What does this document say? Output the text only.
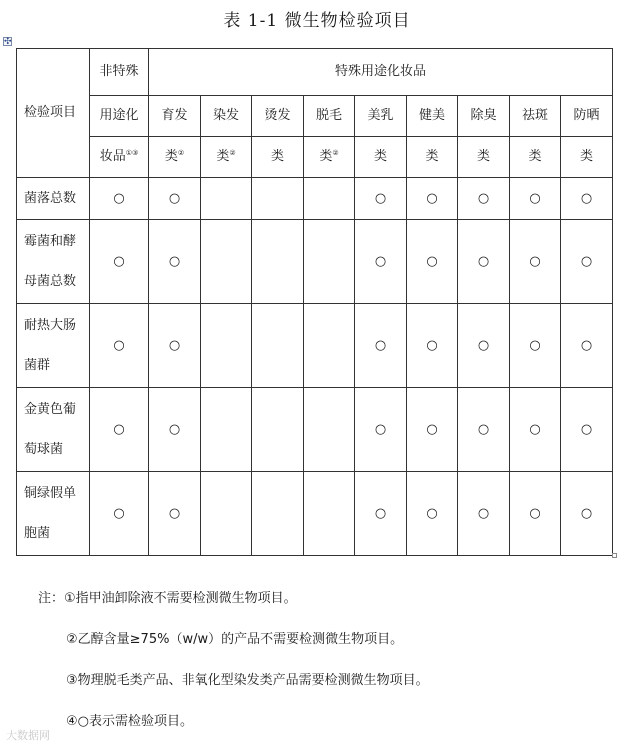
表 1-1 微生物检验项目
✣
检验项目	非特殊	特殊用途化妆品								
	用途化	育发	染发	烫发	脱毛	美乳	健美	除臭	祛斑	防晒
	妆品①③	类②	类②	类	类②	类	类	类	类	类
菌落总数	○	○				○	○	○	○	○
霉菌和酵
母菌总数	○	○				○	○	○	○	○
耐热大肠
菌群	○	○				○	○	○	○	○
金黄色葡
萄球菌	○	○				○	○	○	○	○
铜绿假单
胞菌	○	○				○	○	○	○	○
注：①指甲油卸除液不需要检测微生物项目。
②乙醇含量≥75%（w/w）的产品不需要检测微生物项目。
③物理脱毛类产品、非氧化型染发类产品需要检测微生物项目。
④○表示需检验项目。
大数据网
